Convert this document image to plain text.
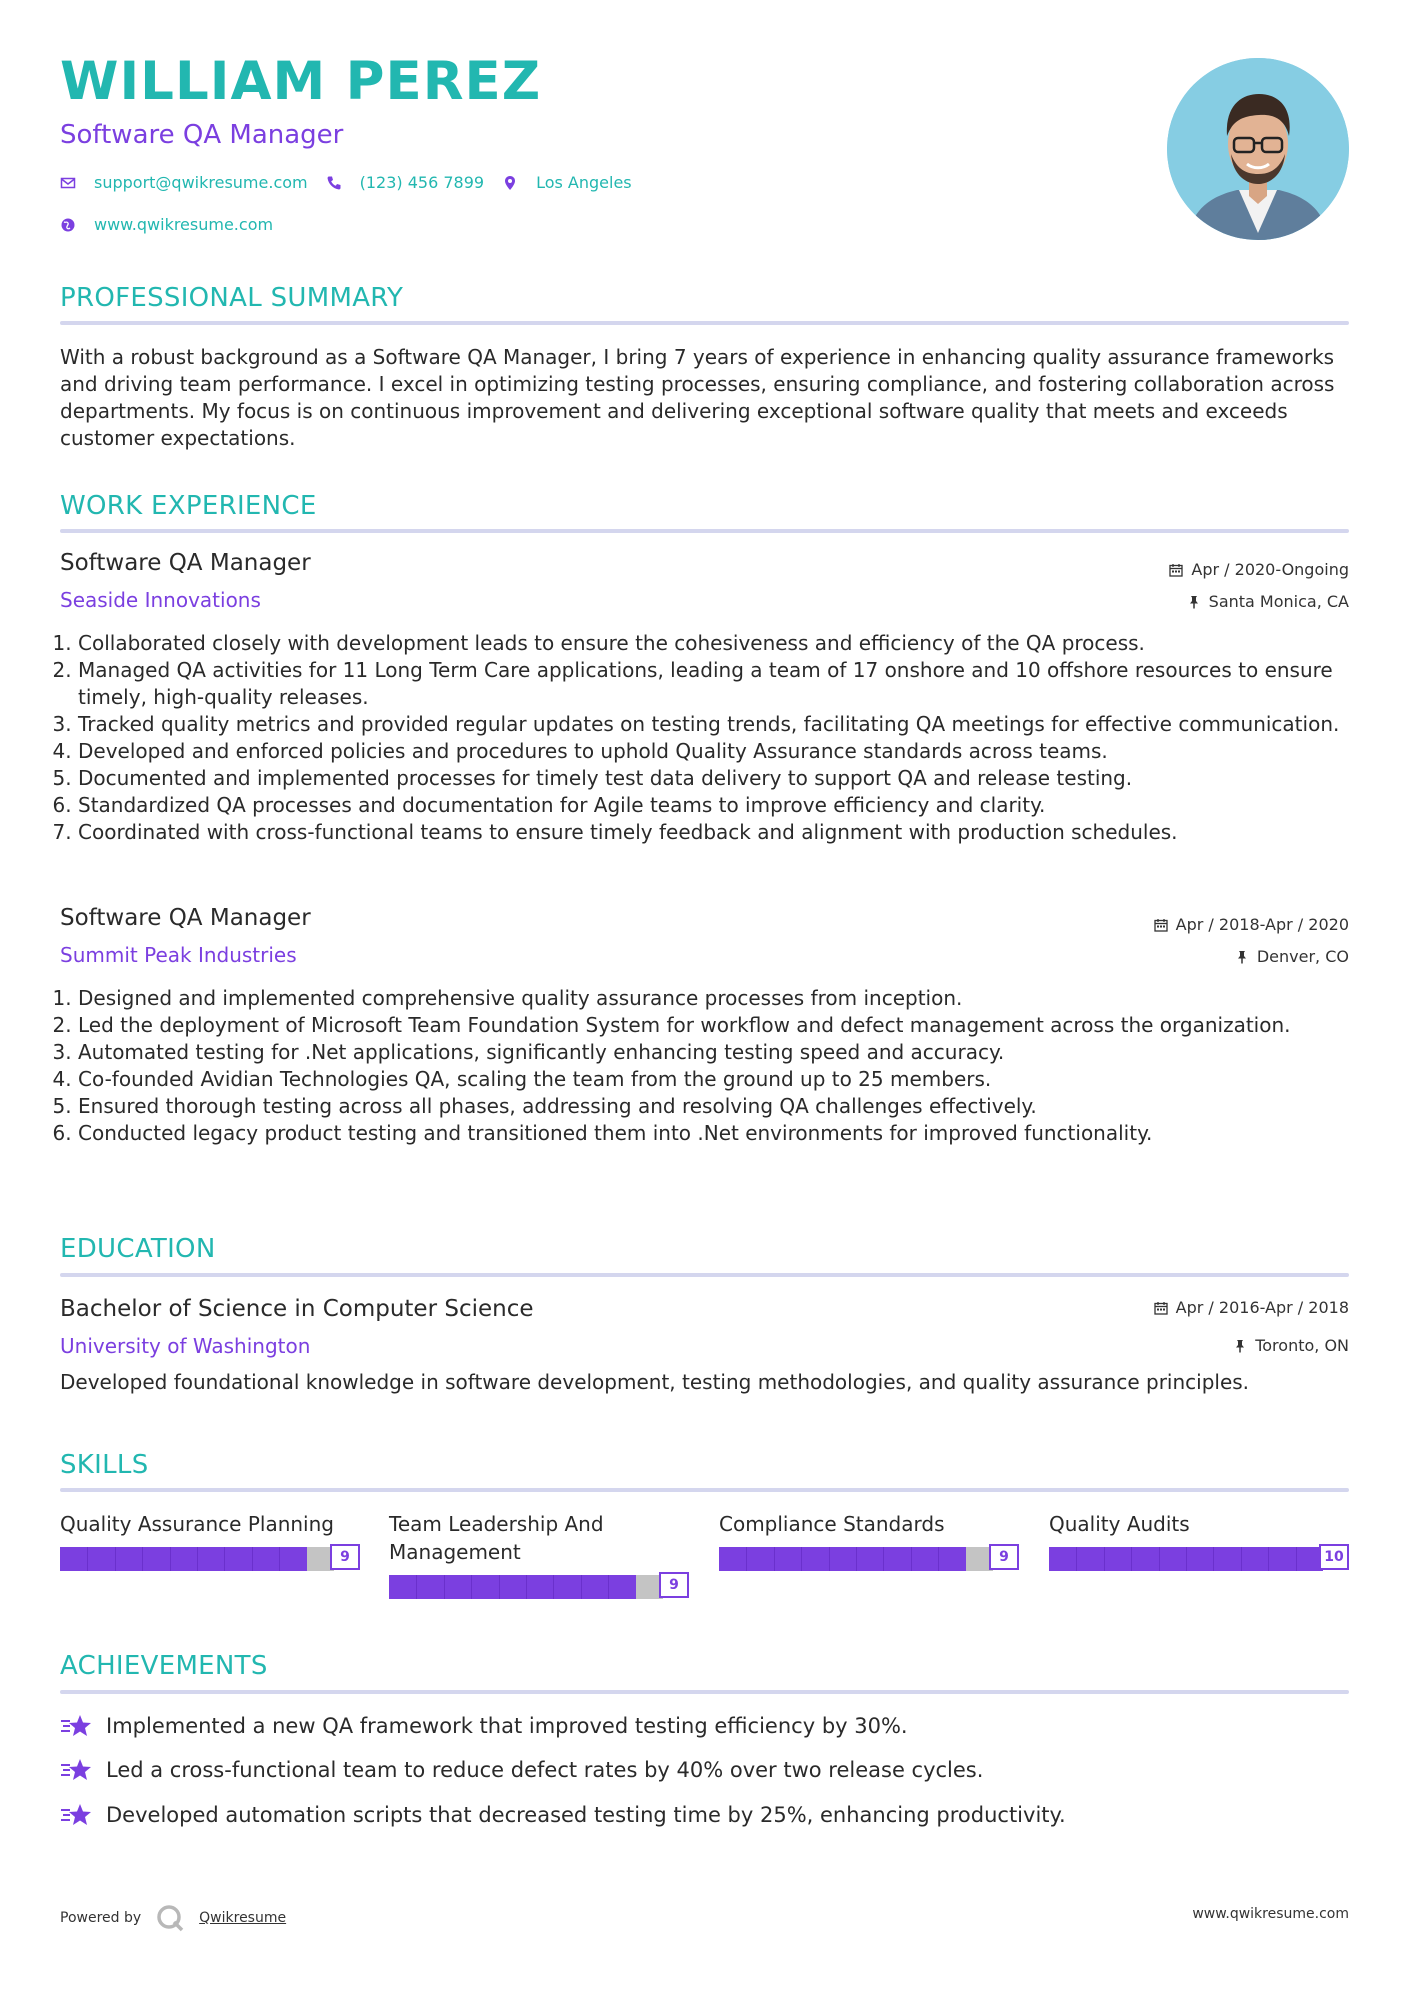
WILLIAM PEREZ
Software QA Manager
support@qwikresume.com	(123) 456 7899	Los Angeles
www.qwikresume.com
PROFESSIONAL SUMMARY
With a robust background as a Software QA Manager, I bring 7 years of experience in enhancing quality assurance frameworks and driving team performance. I excel in optimizing testing processes, ensuring compliance, and fostering collaboration across departments. My focus is on continuous improvement and delivering exceptional software quality that meets and exceeds customer expectations.
WORK EXPERIENCE
Software QA Manager	Apr / 2020-Ongoing
Seaside Innovations	Santa Monica, CA
1. Collaborated closely with development leads to ensure the cohesiveness and efficiency of the QA process.
2. Managed QA activities for 11 Long Term Care applications, leading a team of 17 onshore and 10 offshore resources to ensure timely, high-quality releases.
3. Tracked quality metrics and provided regular updates on testing trends, facilitating QA meetings for effective communication.
4. Developed and enforced policies and procedures to uphold Quality Assurance standards across teams.
5. Documented and implemented processes for timely test data delivery to support QA and release testing.
6. Standardized QA processes and documentation for Agile teams to improve efficiency and clarity.
7. Coordinated with cross-functional teams to ensure timely feedback and alignment with production schedules.
Software QA Manager	Apr / 2018-Apr / 2020
Summit Peak Industries	Denver, CO
1. Designed and implemented comprehensive quality assurance processes from inception.
2. Led the deployment of Microsoft Team Foundation System for workflow and defect management across the organization.
3. Automated testing for .Net applications, significantly enhancing testing speed and accuracy.
4. Co-founded Avidian Technologies QA, scaling the team from the ground up to 25 members.
5. Ensured thorough testing across all phases, addressing and resolving QA challenges effectively.
6. Conducted legacy product testing and transitioned them into .Net environments for improved functionality.
EDUCATION
Bachelor of Science in Computer Science	Apr / 2016-Apr / 2018
University of Washington	Toronto, ON
Developed foundational knowledge in software development, testing methodologies, and quality assurance principles.
SKILLS
Quality Assurance Planning
9
Team Leadership And Management
9
Compliance Standards
9
Quality Audits
10
ACHIEVEMENTS
Implemented a new QA framework that improved testing efficiency by 30%.
Led a cross-functional team to reduce defect rates by 40% over two release cycles.
Developed automation scripts that decreased testing time by 25%, enhancing productivity.
Powered by	Qwikresume	www.qwikresume.com
